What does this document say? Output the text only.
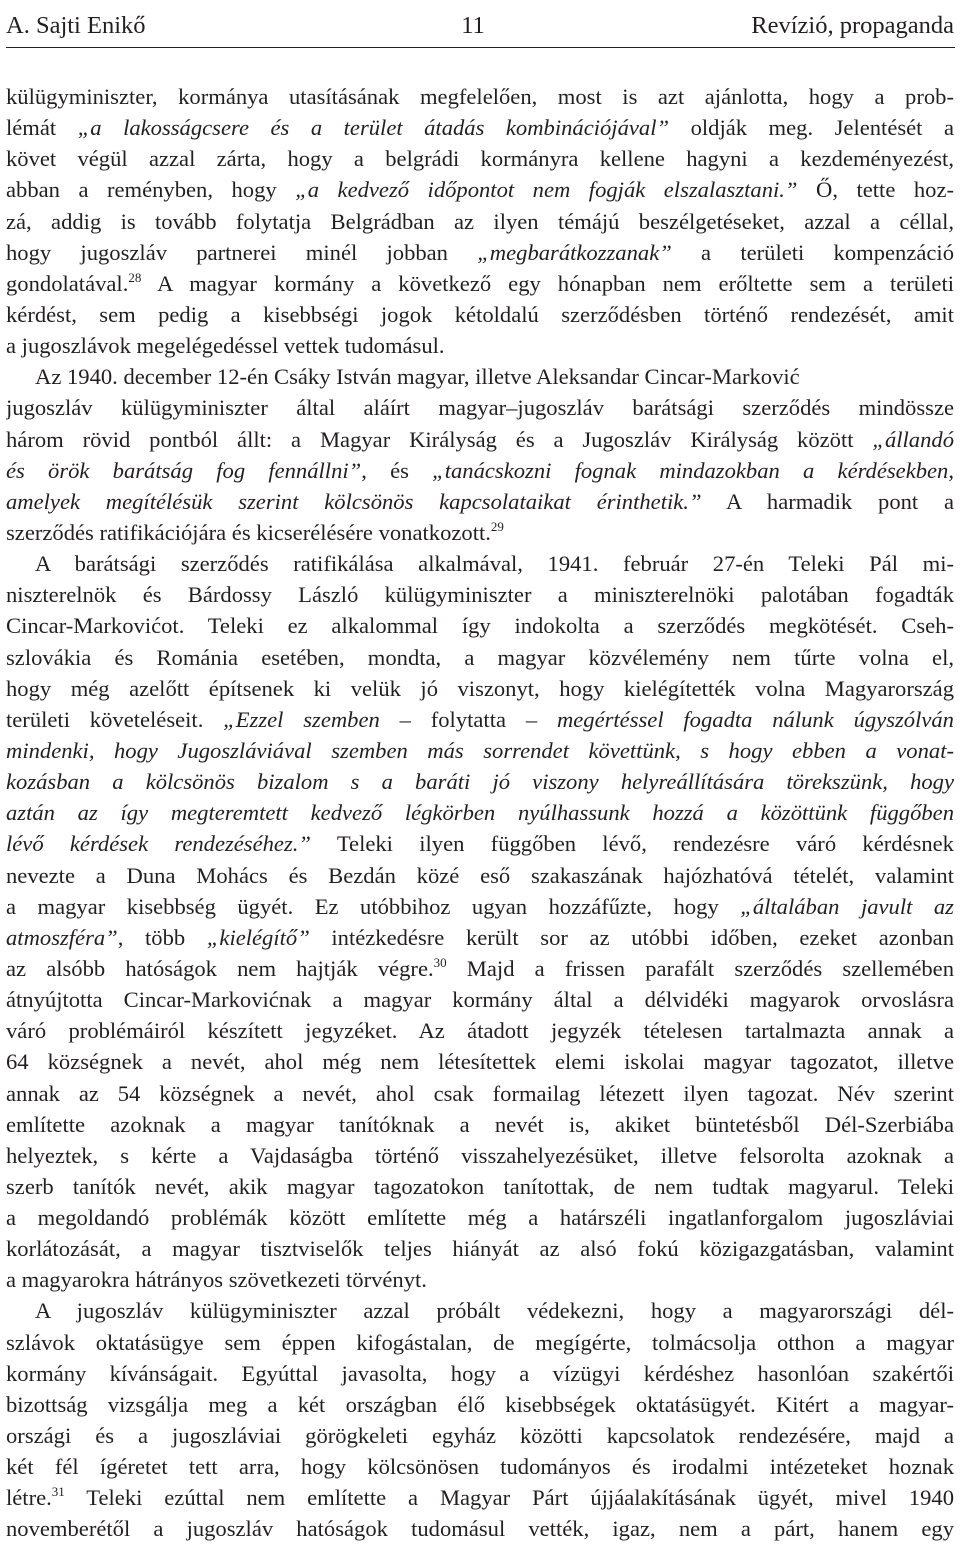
A. Sajti Enikő	11	Revízió, propaganda
külügyminiszter, kormánya utasításának megfelelően, most is azt ajánlotta, hogy a prob-
lémát „a lakosságcsere és a terület átadás kombinációjával” oldják meg. Jelentését a
követ végül azzal zárta, hogy a belgrádi kormányra kellene hagyni a kezdeményezést,
abban a reményben, hogy „a kedvező időpontot nem fogják elszalasztani.” Ő, tette hoz-
zá, addig is tovább folytatja Belgrádban az ilyen témájú beszélgetéseket, azzal a céllal,
hogy jugoszláv partnerei minél jobban „megbarátkozzanak” a területi kompenzáció
gondolatával.$^{28}$ A magyar kormány a következő egy hónapban nem erőltette sem a területi
kérdést, sem pedig a kisebbségi jogok kétoldalú szerződésben történő rendezését, amit
a jugoszlávok megelégedéssel vettek tudomásul.
Az 1940. december 12-én Csáky István magyar, illetve Aleksandar Cincar-Marković
jugoszláv külügyminiszter által aláírt magyar–jugoszláv barátsági szerződés mindössze
három rövid pontból állt: a Magyar Királyság és a Jugoszláv Királyság között „állandó
és örök barátság fog fennállni”, és „tanácskozni fognak mindazokban a kérdésekben,
amelyek megítélésük szerint kölcsönös kapcsolataikat érinthetik.” A harmadik pont a
szerződés ratifikációjára és kicserélésére vonatkozott.$^{29}$
A barátsági szerződés ratifikálása alkalmával, 1941. február 27-én Teleki Pál mi-
niszterelnök és Bárdossy László külügyminiszter a miniszterelnöki palotában fogadták
Cincar-Markovićot. Teleki ez alkalommal így indokolta a szerződés megkötését. Cseh-
szlovákia és Románia esetében, mondta, a magyar közvélemény nem tűrte volna el,
hogy még azelőtt építsenek ki velük jó viszonyt, hogy kielégítették volna Magyarország
területi követeléseit. „Ezzel szemben – folytatta – megértéssel fogadta nálunk úgyszólván
mindenki, hogy Jugoszláviával szemben más sorrendet követtünk, s hogy ebben a vonat-
kozásban a kölcsönös bizalom s a baráti jó viszony helyreállítására törekszünk, hogy
aztán az így megteremtett kedvező légkörben nyúlhassunk hozzá a közöttünk függőben
lévő kérdések rendezéséhez.” Teleki ilyen függőben lévő, rendezésre váró kérdésnek
nevezte a Duna Mohács és Bezdán közé eső szakaszának hajózhatóvá tételét, valamint
a magyar kisebbség ügyét. Ez utóbbihoz ugyan hozzáfűzte, hogy „általában javult az
atmoszféra”, több „kielégítő” intézkedésre került sor az utóbbi időben, ezeket azonban
az alsóbb hatóságok nem hajtják végre.$^{30}$ Majd a frissen parafált szerződés szellemében
átnyújtotta Cincar-Markovićnak a magyar kormány által a délvidéki magyarok orvoslásra
váró problémáiról készített jegyzéket. Az átadott jegyzék tételesen tartalmazta annak a
64 községnek a nevét, ahol még nem létesítettek elemi iskolai magyar tagozatot, illetve
annak az 54 községnek a nevét, ahol csak formailag létezett ilyen tagozat. Név szerint
említette azoknak a magyar tanítóknak a nevét is, akiket büntetésből Dél-Szerbiába
helyeztek, s kérte a Vajdaságba történő visszahelyezésüket, illetve felsorolta azoknak a
szerb tanítók nevét, akik magyar tagozatokon tanítottak, de nem tudtak magyarul. Teleki
a megoldandó problémák között említette még a határszéli ingatlanforgalom jugoszláviai
korlátozását, a magyar tisztviselők teljes hiányát az alsó fokú közigazgatásban, valamint
a magyarokra hátrányos szövetkezeti törvényt.
A jugoszláv külügyminiszter azzal próbált védekezni, hogy a magyarországi dél-
szlávok oktatásügye sem éppen kifogástalan, de megígérte, tolmácsolja otthon a magyar
kormány kívánságait. Egyúttal javasolta, hogy a vízügyi kérdéshez hasonlóan szakértői
bizottság vizsgálja meg a két országban élő kisebbségek oktatásügyét. Kitért a magyar-
országi és a jugoszláviai görögkeleti egyház közötti kapcsolatok rendezésére, majd a
két fél ígéretet tett arra, hogy kölcsönösen tudományos és irodalmi intézeteket hoznak
létre.$^{31}$ Teleki ezúttal nem említette a Magyar Párt újjáalakításának ügyét, mivel 1940
novemberétől a jugoszláv hatóságok tudomásul vették, igaz, nem a párt, hanem egy
